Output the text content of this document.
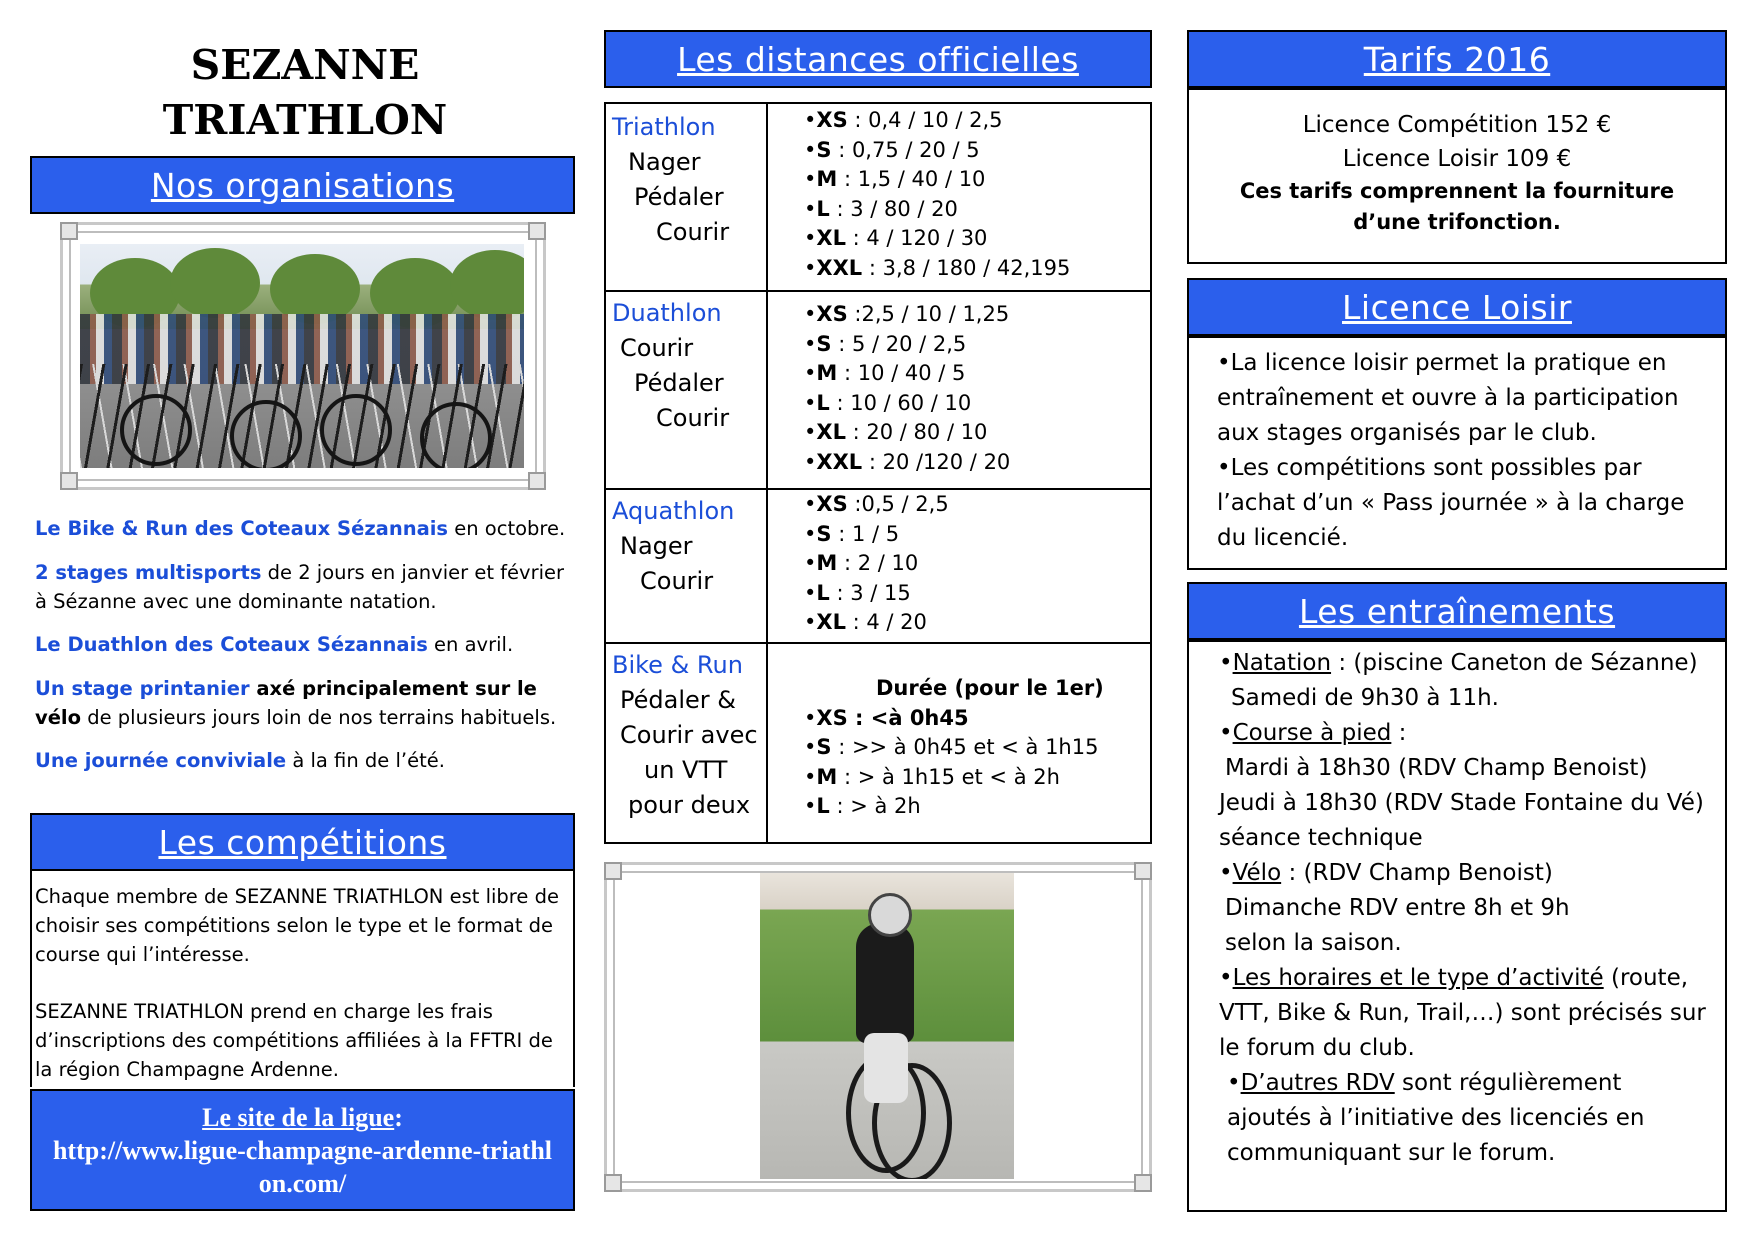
SEZANNE
TRIATHLON
Nos organisations
Le Bike & Run des Coteaux Sézannais en octobre.
2 stages multisports de 2 jours en janvier et février à Sézanne avec une dominante natation.
Le Duathlon des Coteaux Sézannais en avril.
Un stage printanier axé principalement sur le vélo de plusieurs jours loin de nos terrains habituels.
Une journée conviviale à la fin de l’été.
Les compétitions
Chaque membre de SEZANNE TRIATHLON est libre de choisir ses compétitions selon le type et le format de course qui l’intéresse.
SEZANNE TRIATHLON prend en charge les frais d’inscriptions des compétitions affiliées à la FFTRI de la région Champagne Ardenne.
Le site de la ligue:
http://www.ligue-champagne-ardenne-triathlon.com/
Les distances officielles
Triathlon
Nager
Pédaler
Courir
•XS : 0,4 / 10 / 2,5
•S : 0,75 / 20 / 5
•M : 1,5 / 40 / 10
•L : 3 / 80 / 20
•XL : 4 / 120 / 30
•XXL : 3,8 / 180 / 42,195
Duathlon
Courir
Pédaler
Courir
•XS :2,5 / 10 / 1,25
•S : 5 / 20 / 2,5
•M : 10 / 40 / 5
•L : 10 / 60 / 10
•XL : 20 / 80 / 10
•XXL : 20 /120 / 20
Aquathlon
Nager
Courir
•XS :0,5 / 2,5
•S : 1 / 5
•M : 2 / 10
•L : 3 / 15
•XL : 4 / 20
Bike & Run
Pédaler &
Courir avec
un VTT
pour deux
Durée (pour le 1er)
•XS : <à 0h45
•S : >> à 0h45 et < à 1h15
•M : > à 1h15 et < à 2h
•L : > à 2h
Tarifs 2016
Licence Compétition 152 €
Licence Loisir 109 €
Ces tarifs comprennent la fourniture d’une trifonction.
Licence Loisir
•La licence loisir permet la pratique en entraînement et ouvre à la participation aux stages organisés par le club.
•Les compétitions sont possibles par l’achat d’un « Pass journée » à la charge du licencié.
Les entraînements
•Natation : (piscine Caneton de Sézanne)
Samedi de 9h30 à 11h.
•Course à pied :
Mardi à 18h30 (RDV Champ Benoist)
Jeudi à 18h30 (RDV Stade Fontaine du Vé) séance technique
•Vélo : (RDV Champ Benoist)
Dimanche RDV entre 8h et 9h
selon la saison.
•Les horaires et le type d’activité (route, VTT, Bike & Run, Trail,…) sont précisés sur le forum du club.
•D’autres RDV sont régulièrement ajoutés à l’initiative des licenciés en communiquant sur le forum.
